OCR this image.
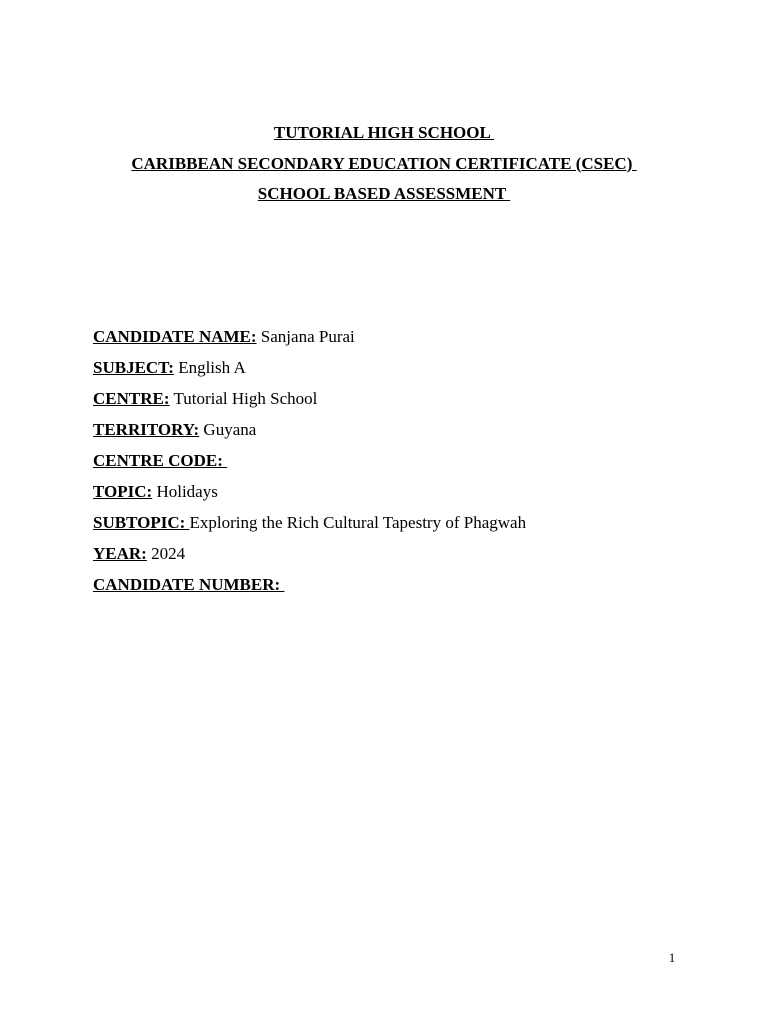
TUTORIAL HIGH SCHOOL
CARIBBEAN SECONDARY EDUCATION CERTIFICATE (CSEC)
SCHOOL BASED ASSESSMENT
CANDIDATE NAME: Sanjana Purai
SUBJECT: English A
CENTRE: Tutorial High School
TERRITORY: Guyana
CENTRE CODE:
TOPIC: Holidays
SUBTOPIC: Exploring the Rich Cultural Tapestry of Phagwah
YEAR: 2024
CANDIDATE NUMBER:
1
